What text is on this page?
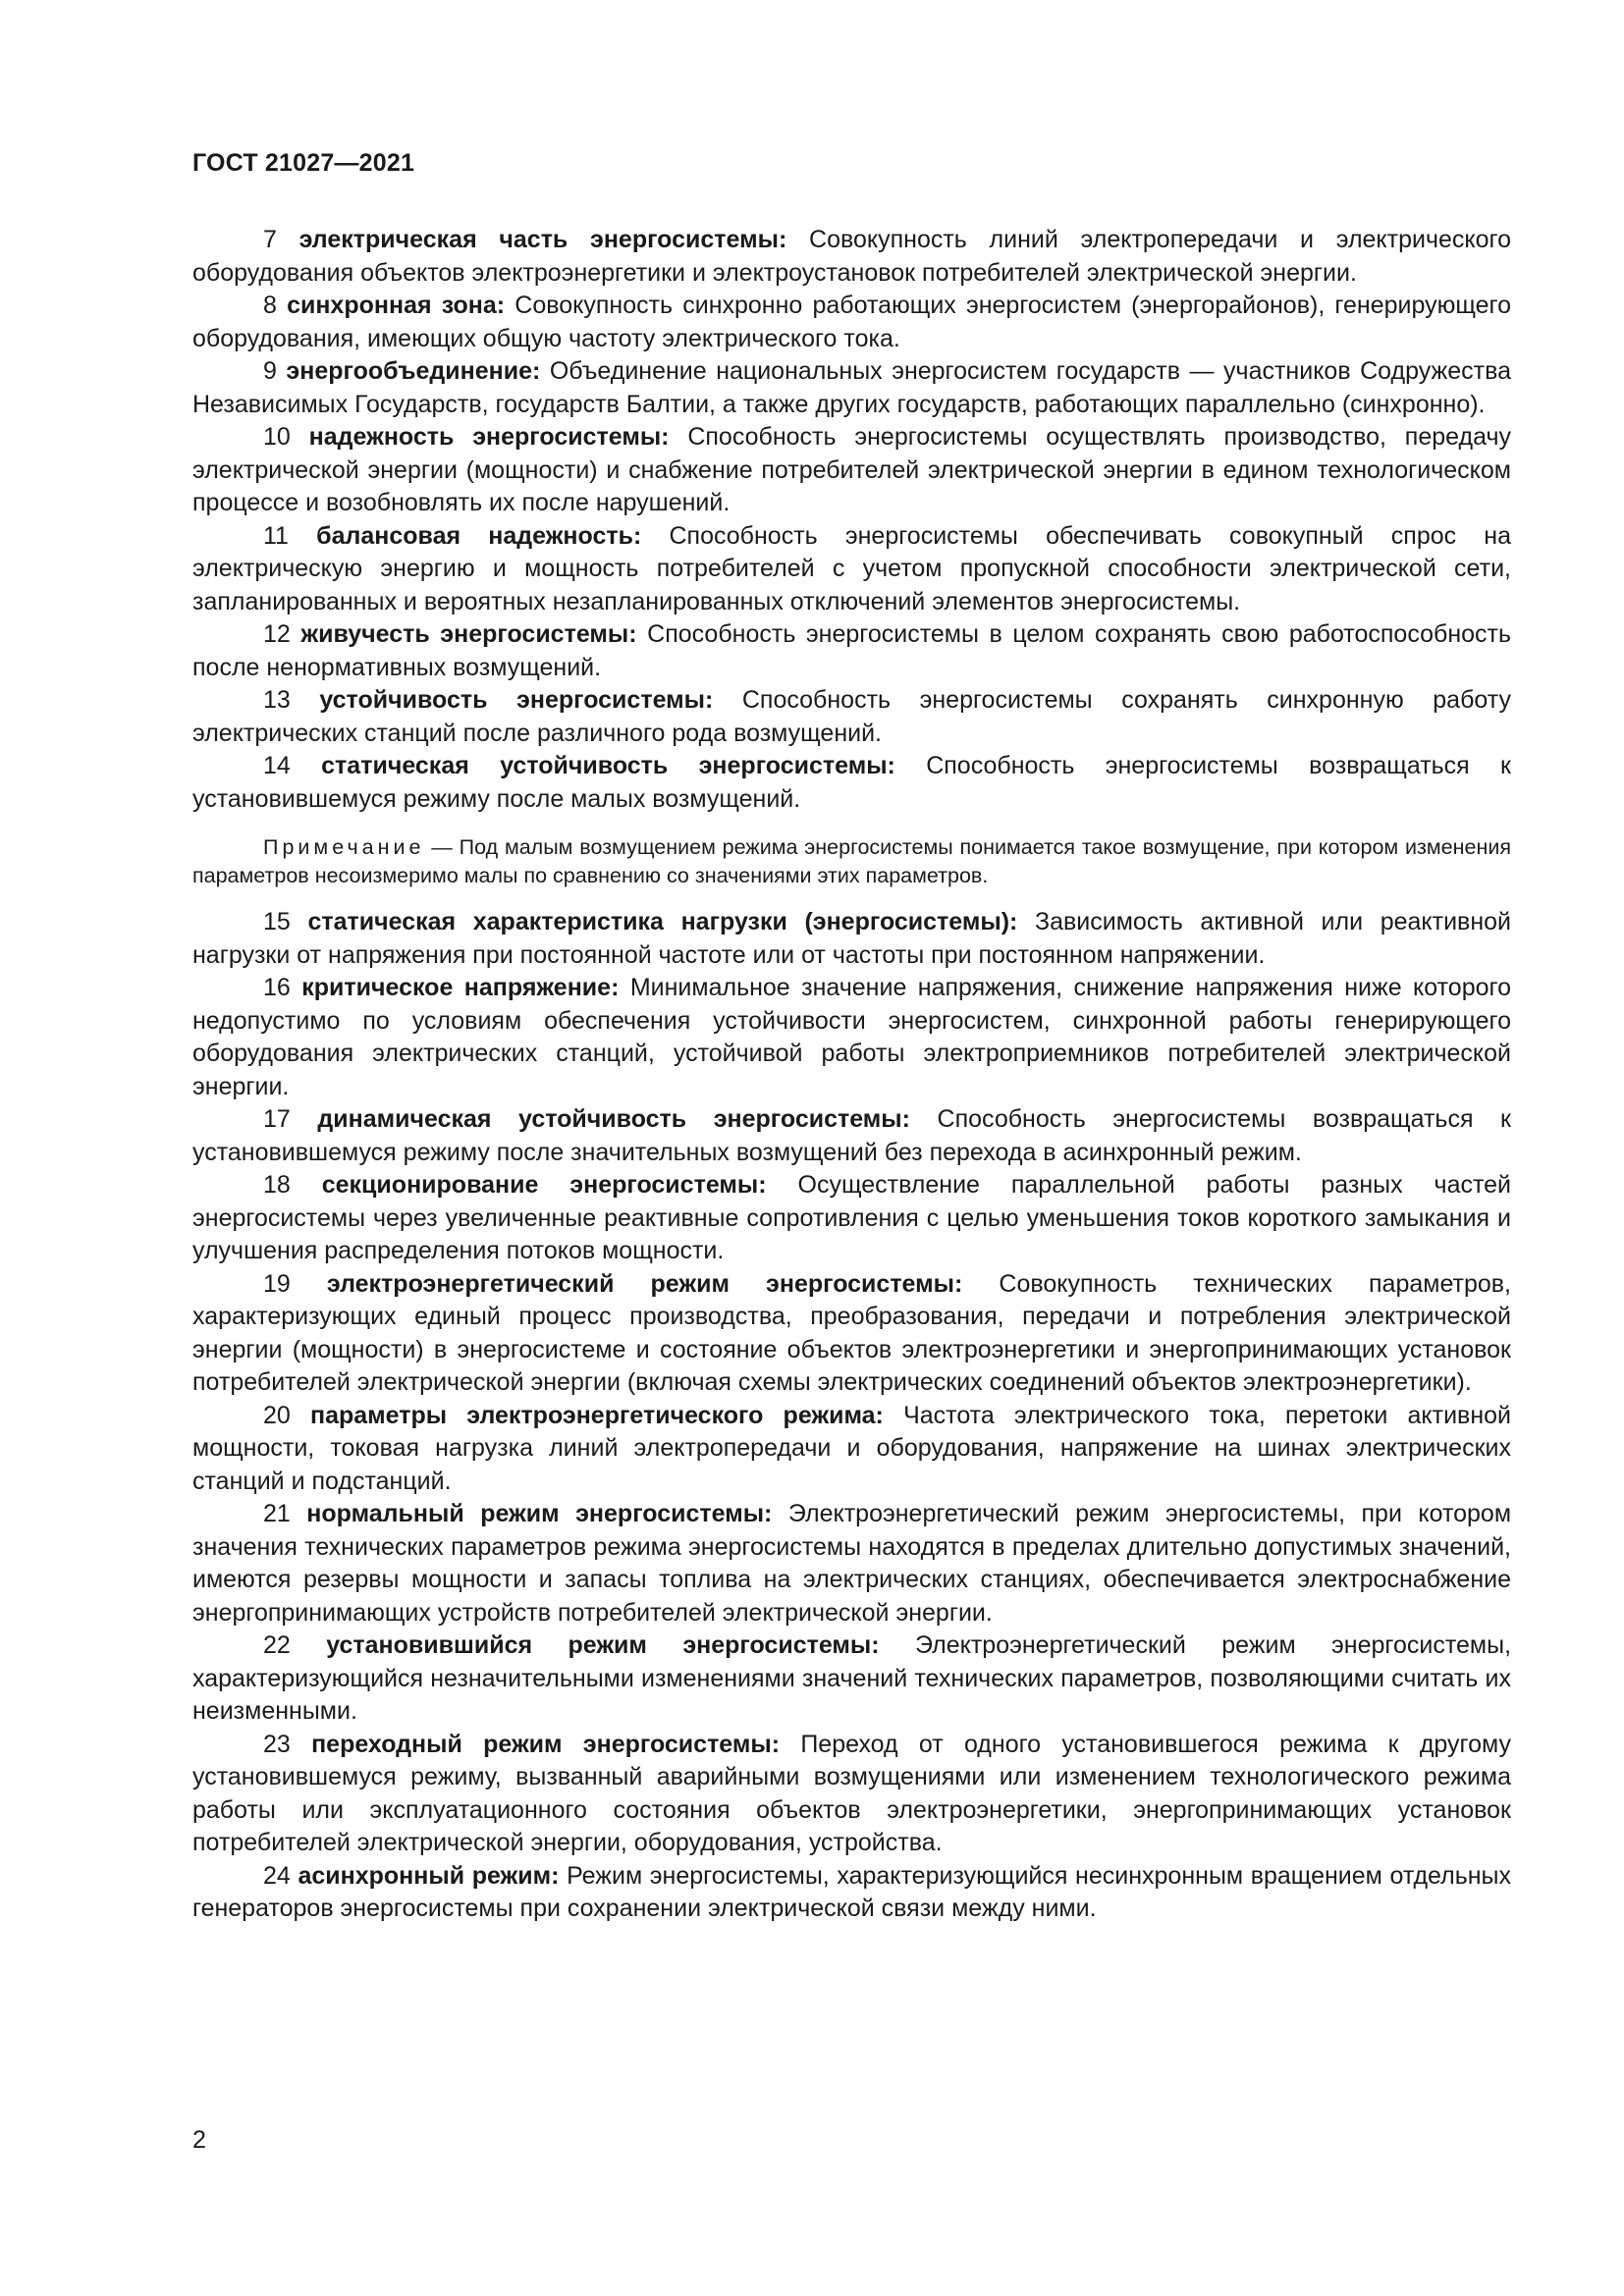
ГОСТ 21027—2021

7 электрическая часть энергосистемы: Совокупность линий электропередачи и электрического оборудования объектов электроэнергетики и электроустановок потребителей электрической энергии.

8 синхронная зона: Совокупность синхронно работающих энергосистем (энергорайонов), генерирующего оборудования, имеющих общую частоту электрического тока.

9 энергообъединение: Объединение национальных энергосистем государств — участников Содружества Независимых Государств, государств Балтии, а также других государств, работающих параллельно (синхронно).

10 надежность энергосистемы: Способность энергосистемы осуществлять производство, передачу электрической энергии (мощности) и снабжение потребителей электрической энергии в едином технологическом процессе и возобновлять их после нарушений.

11 балансовая надежность: Способность энергосистемы обеспечивать совокупный спрос на электрическую энергию и мощность потребителей с учетом пропускной способности электрической сети, запланированных и вероятных незапланированных отключений элементов энергосистемы.

12 живучесть энергосистемы: Способность энергосистемы в целом сохранять свою работоспособность после ненормативных возмущений.

13 устойчивость энергосистемы: Способность энергосистемы сохранять синхронную работу электрических станций после различного рода возмущений.

14 статическая устойчивость энергосистемы: Способность энергосистемы возвращаться к установившемуся режиму после малых возмущений.

Примечание — Под малым возмущением режима энергосистемы понимается такое возмущение, при котором изменения параметров несоизмеримо малы по сравнению со значениями этих параметров.

15 статическая характеристика нагрузки (энергосистемы): Зависимость активной или реактивной нагрузки от напряжения при постоянной частоте или от частоты при постоянном напряжении.

16 критическое напряжение: Минимальное значение напряжения, снижение напряжения ниже которого недопустимо по условиям обеспечения устойчивости энергосистем, синхронной работы генерирующего оборудования электрических станций, устойчивой работы электроприемников потребителей электрической энергии.

17 динамическая устойчивость энергосистемы: Способность энергосистемы возвращаться к установившемуся режиму после значительных возмущений без перехода в асинхронный режим.

18 секционирование энергосистемы: Осуществление параллельной работы разных частей энергосистемы через увеличенные реактивные сопротивления с целью уменьшения токов короткого замыкания и улучшения распределения потоков мощности.

19 электроэнергетический режим энергосистемы: Совокупность технических параметров, характеризующих единый процесс производства, преобразования, передачи и потребления электрической энергии (мощности) в энергосистеме и состояние объектов электроэнергетики и энергопринимающих установок потребителей электрической энергии (включая схемы электрических соединений объектов электроэнергетики).

20 параметры электроэнергетического режима: Частота электрического тока, перетоки активной мощности, токовая нагрузка линий электропередачи и оборудования, напряжение на шинах электрических станций и подстанций.

21 нормальный режим энергосистемы: Электроэнергетический режим энергосистемы, при котором значения технических параметров режима энергосистемы находятся в пределах длительно допустимых значений, имеются резервы мощности и запасы топлива на электрических станциях, обеспечивается электроснабжение энергопринимающих устройств потребителей электрической энергии.

22 установившийся режим энергосистемы: Электроэнергетический режим энергосистемы, характеризующийся незначительными изменениями значений технических параметров, позволяющими считать их неизменными.

23 переходный режим энергосистемы: Переход от одного установившегося режима к другому установившемуся режиму, вызванный аварийными возмущениями или изменением технологического режима работы или эксплуатационного состояния объектов электроэнергетики, энергопринимающих установок потребителей электрической энергии, оборудования, устройства.

24 асинхронный режим: Режим энергосистемы, характеризующийся несинхронным вращением отдельных генераторов энергосистемы при сохранении электрической связи между ними.

2
